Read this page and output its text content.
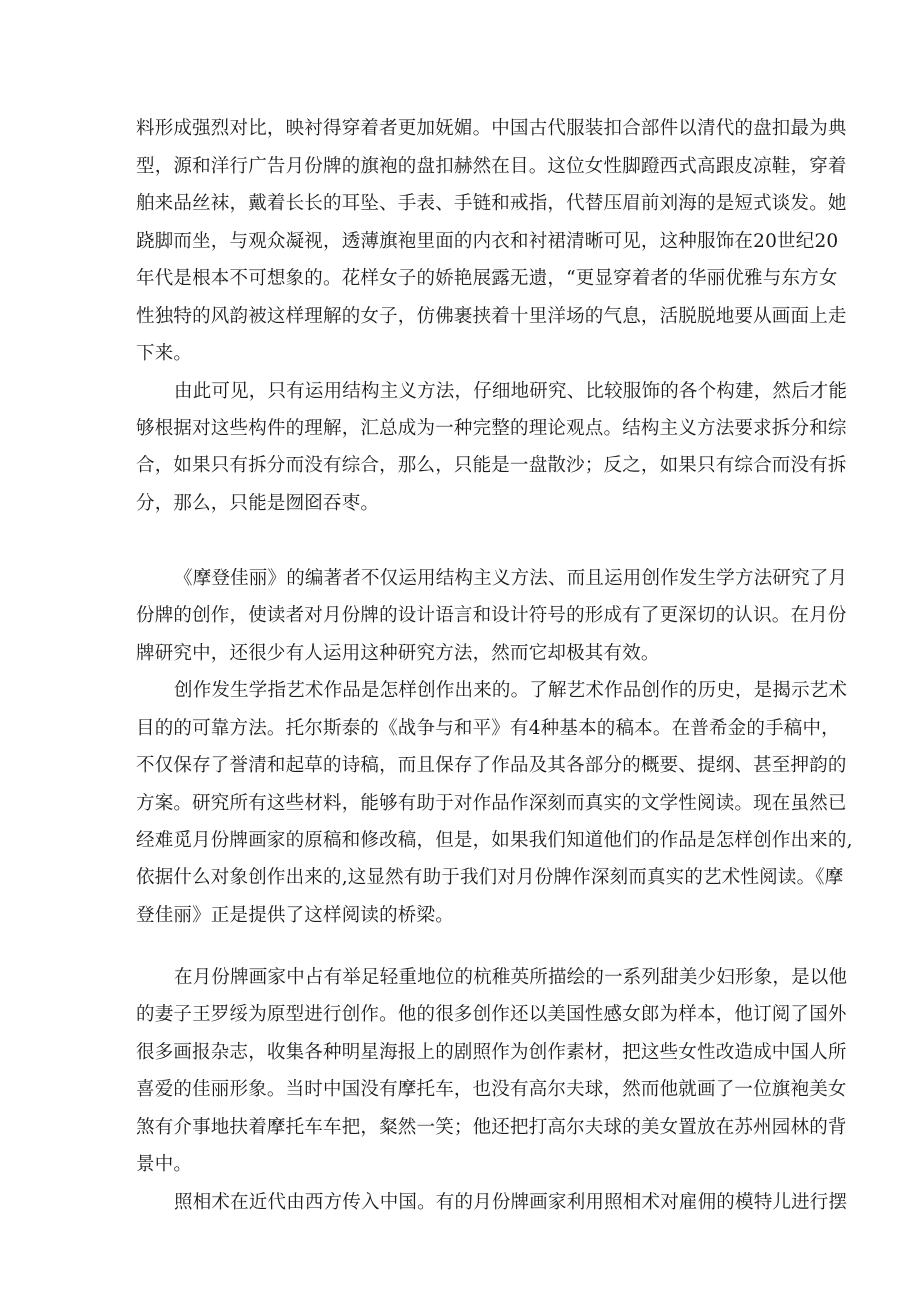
料形成强烈对比，映衬得穿着者更加妩媚。中国古代服装扣合部件以清代的盘扣最为典
型，源和洋行广告月份牌的旗袍的盘扣赫然在目。这位女性脚蹬西式高跟皮凉鞋，穿着
舶来品丝袜，戴着长长的耳坠、手表、手链和戒指，代替压眉前刘海的是短式谈发。她
跷脚而坐，与观众凝视，透薄旗袍里面的内衣和衬裙清晰可见，这种服饰在20世纪20
年代是根本不可想象的。花样女子的娇艳展露无遗，“更显穿着者的华丽优雅与东方女
性独特的风韵被这样理解的女子，仿佛裹挟着十里洋场的气息，活脱脱地要从画面上走
下来。
由此可见，只有运用结构主义方法，仔细地研究、比较服饰的各个构建，然后才能
够根据对这些构件的理解，汇总成为一种完整的理论观点。结构主义方法要求拆分和综
合，如果只有拆分而没有综合，那么，只能是一盘散沙；反之，如果只有综合而没有拆
分，那么，只能是囫囵吞枣。
《摩登佳丽》的编著者不仅运用结构主义方法、而且运用创作发生学方法研究了月
份牌的创作，使读者对月份牌的设计语言和设计符号的形成有了更深切的认识。在月份
牌研究中，还很少有人运用这种研究方法，然而它却极其有效。
创作发生学指艺术作品是怎样创作出来的。了解艺术作品创作的历史，是揭示艺术
目的的可靠方法。托尔斯泰的《战争与和平》有4种基本的稿本。在普希金的手稿中，
不仅保存了誉清和起草的诗稿，而且保存了作品及其各部分的概要、提纲、甚至押韵的
方案。研究所有这些材料，能够有助于对作品作深刻而真实的文学性阅读。现在虽然已
经难觅月份牌画家的原稿和修改稿，但是，如果我们知道他们的作品是怎样创作出来的,
依据什么对象创作出来的,这显然有助于我们对月份牌作深刻而真实的艺术性阅读。《摩
登佳丽》正是提供了这样阅读的桥梁。
在月份牌画家中占有举足轻重地位的杭稚英所描绘的一系列甜美少妇形象，是以他
的妻子王罗绥为原型进行创作。他的很多创作还以美国性感女郎为样本，他订阅了国外
很多画报杂志，收集各种明星海报上的剧照作为创作素材，把这些女性改造成中国人所
喜爱的佳丽形象。当时中国没有摩托车，也没有高尔夫球，然而他就画了一位旗袍美女
煞有介事地扶着摩托车车把，粲然一笑；他还把打高尔夫球的美女置放在苏州园林的背
景中。
照相术在近代由西方传入中国。有的月份牌画家利用照相术对雇佣的模特儿进行摆
